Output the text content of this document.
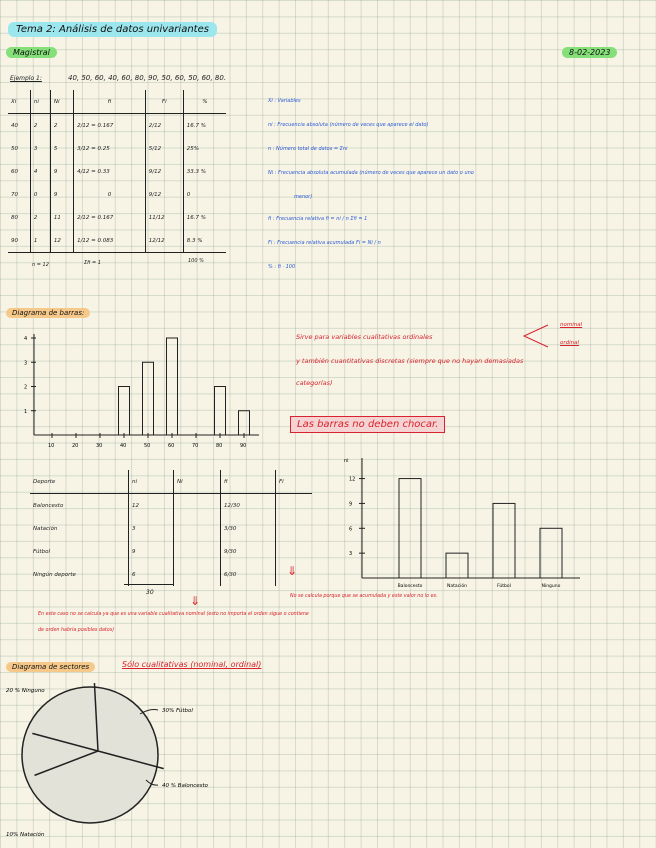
Tema 2: Análisis de datos univariantes
Magistral	8-02-2023
Ejemplo 1:	40, 50, 60, 40, 60, 80, 90, 50, 60, 50, 60, 80.
Xi	ni	Ni	fi	Fi	%
40	2	2	2/12 = 0.167	2/12	16.7 %
50	3	5	3/12 = 0.25	5/12	25%
60	4	9	4/12 = 0.33	9/12	33.3 %
70	0	9	0	9/12	0
80	2	11	2/12 = 0.167	11/12	16.7 %
90	1	12	1/12 = 0.083	12/12	8.3 %
n = 12	Σfi = 1	100 %
Xi : Variables
ni : Frecuencia absoluta (número de veces que aparece el dato)
n : Número total de datos = Σni
Ni : Frecuencia absoluta acumulada (número de veces que aparece un dato o uno
menor)
fi : Frecuencia relativa fi = ni / n Σfi = 1
Fi : Frecuencia relativa acumulada Fi = Ni / n
% : fi · 100
Diagrama de barras:
1
2
3
4
10	20	30	40	50	60	70	80	90
Sirve para variables cualitativas ordinales
nominal
ordinal
y también cuantitativas discretas (siempre que no hayan demasiadas
categorías)
Las barras no deben chocar.
Deporte	ni	Ni	fi	Fi
Baloncesto	12		12/30	
Natación	3		3/30	
Fútbol	9		9/30	
Ningún deporte	6		6/30	
30
⇓
⇓
En este caso no se calcula ya que es una variable cualitativa nominal (esto no importa el orden sigue o contiene
de orden habría posibles datos)
No se calcula porque que se acumulada y este valor no lo es.
ni
3
6
9
12
Baloncesto	Natación	Fútbol	Ninguno
Diagrama de sectores	Sólo cualitativas (nominal, ordinal)
20 % Ninguno
30% Fútbol
40 % Baloncesto
10% Natación
